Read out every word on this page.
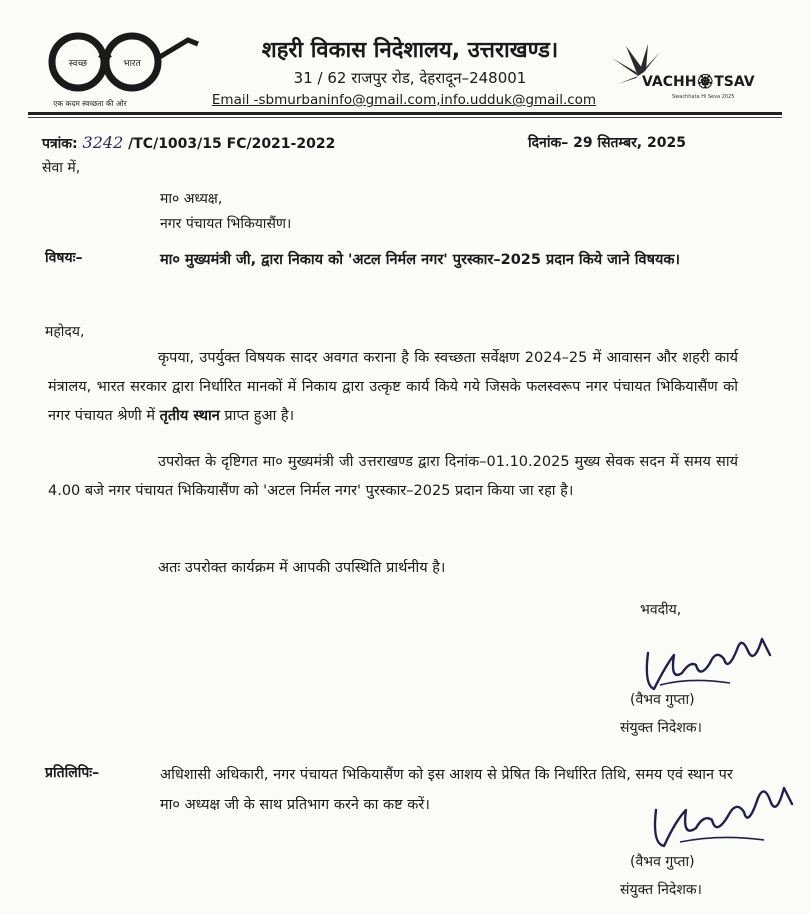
स्वच्छ	भारत
एक कदम स्वच्छता की ओर
शहरी विकास निदेशालय, उत्तराखण्ड।
31 / 62 राजपुर रोड, देहरादून–248001
Email -sbmurbaninfo@gmail.com,info.udduk@gmail.com
VACHH🏵TSAV
Swachhata Hi Seva 2025
पत्रांक: 3242 /TC/1003/15 FC/2021-2022	दिनांक– 29 सितम्बर, 2025
सेवा में,
मा० अध्यक्ष,
नगर पंचायत भिकियासैंण।
विषयः–	मा० मुख्यमंत्री जी, द्वारा निकाय को 'अटल निर्मल नगर' पुरस्कार–2025 प्रदान किये जाने विषयक।
महोदय,
कृपया, उपर्युक्त विषयक सादर अवगत कराना है कि स्वच्छता सर्वेक्षण 2024–25 में आवासन और शहरी कार्य मंत्रालय, भारत सरकार द्वारा निर्धारित मानकों में निकाय द्वारा उत्कृष्ट कार्य किये गये जिसके फलस्वरूप नगर पंचायत भिकियासैंण को नगर पंचायत श्रेणी में तृतीय स्थान प्राप्त हुआ है।
उपरोक्त के दृष्टिगत मा० मुख्यमंत्री जी उत्तराखण्ड द्वारा दिनांक–01.10.2025 मुख्य सेवक सदन में समय सायं 4.00 बजे नगर पंचायत भिकियासैंण को 'अटल निर्मल नगर' पुरस्कार–2025 प्रदान किया जा रहा है।
अतः उपरोक्त कार्यक्रम में आपकी उपस्थिति प्रार्थनीय है।
भवदीय,
(वैभव गुप्ता)
संयुक्त निदेशक।
प्रतिलिपिः–	अधिशासी अधिकारी, नगर पंचायत भिकियासैंण को इस आशय से प्रेषित कि निर्धारित तिथि, समय एवं स्थान पर मा० अध्यक्ष जी के साथ प्रतिभाग करने का कष्ट करें।
(वैभव गुप्ता)
संयुक्त निदेशक।
